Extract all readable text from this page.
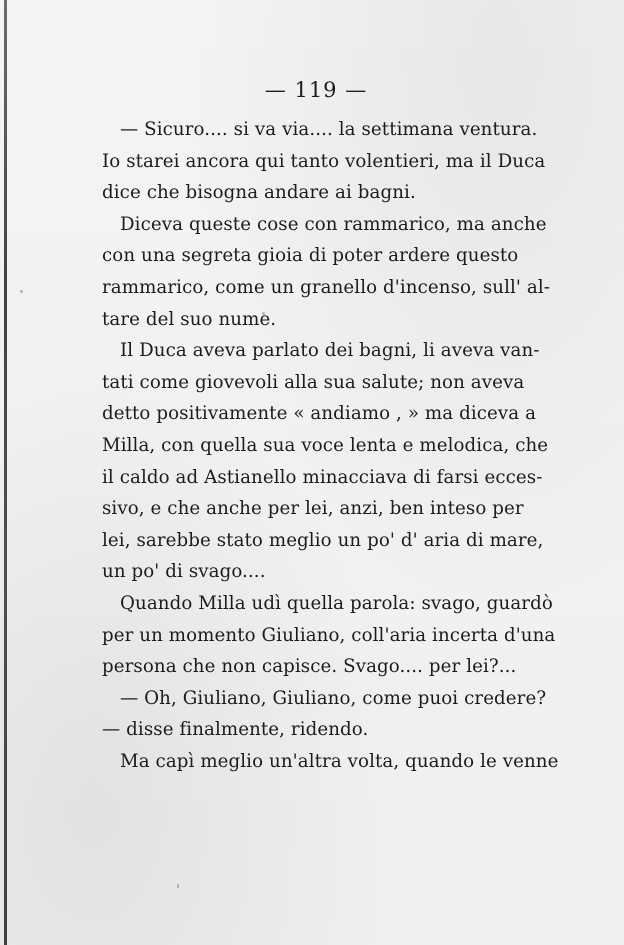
— 119 —
— Sicuro.... si va via.... la settimana ventura.
Io starei ancora qui tanto volentieri, ma il Duca
dice che bisogna andare ai bagni.
Diceva queste cose con rammarico, ma anche
con una segreta gioia di poter ardere questo
rammarico, come un granello d'incenso, sull' al-
tare del suo nume.
Il Duca aveva parlato dei bagni, li aveva van-
tati come giovevoli alla sua salute; non aveva
detto positivamente « andiamo , » ma diceva a
Milla, con quella sua voce lenta e melodica, che
il caldo ad Astianello minacciava di farsi ecces-
sivo, e che anche per lei, anzi, ben inteso per
lei, sarebbe stato meglio un po' d' aria di mare,
un po' di svago....
Quando Milla udì quella parola: svago, guardò
per un momento Giuliano, coll'aria incerta d'una
persona che non capisce. Svago.... per lei?...
— Oh, Giuliano, Giuliano, come puoi credere?
— disse finalmente, ridendo.
Ma capì meglio un'altra volta, quando le venne
